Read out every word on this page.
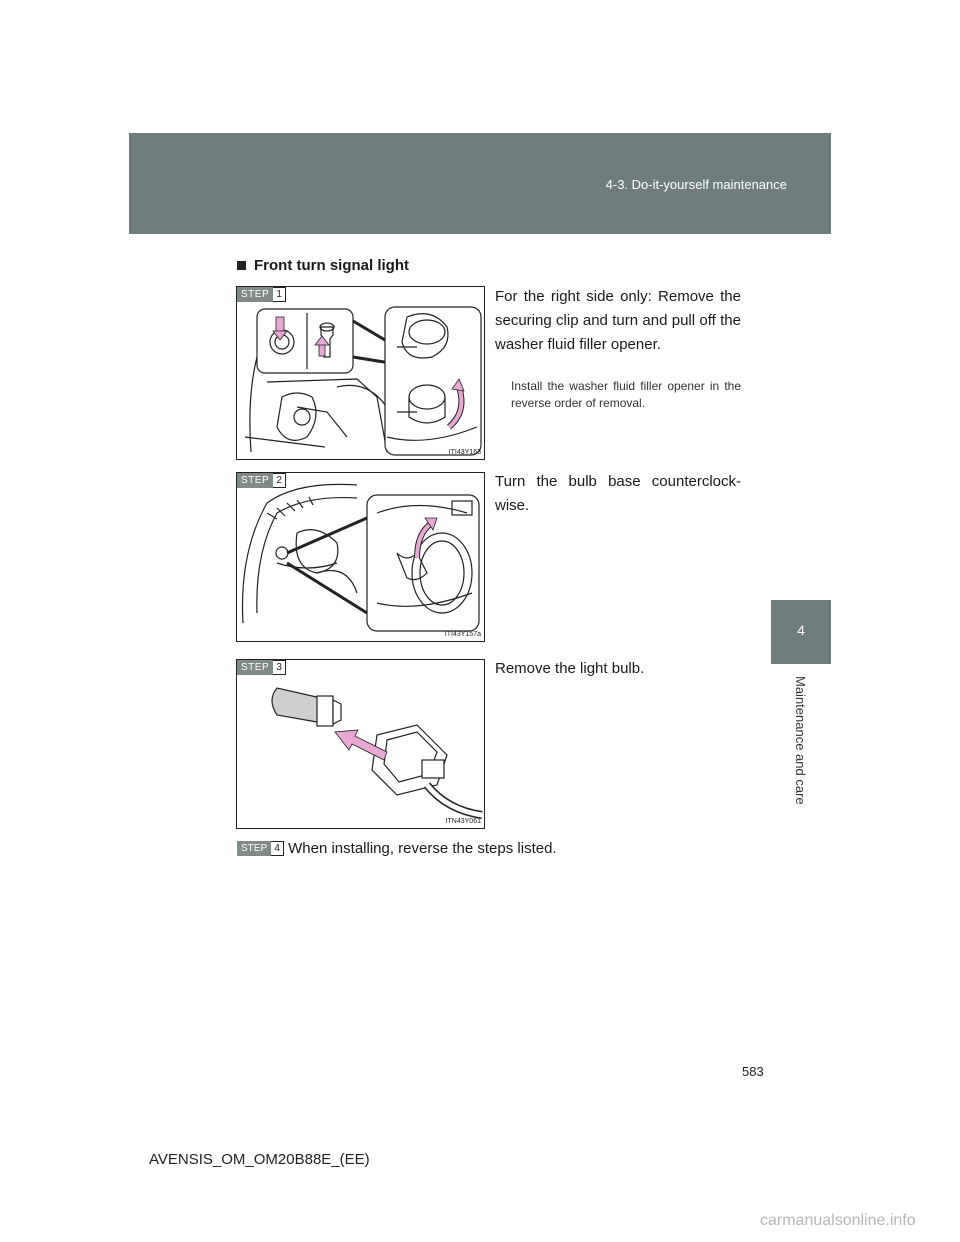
4-3. Do-it-yourself maintenance
4
Maintenance and care
Front turn signal light
STEP 1
ITI43Y163
For the right side only: Remove the securing clip and turn and pull off the washer fluid filler opener.
Install the washer fluid filler opener in the reverse order of removal.
STEP 2
ITI43Y157a
Turn the bulb base counterclock-wise.
STEP 3
ITN43Y061
Remove the light bulb.
STEP 4 When installing, reverse the steps listed.
583
AVENSIS_OM_OM20B88E_(EE)
carmanualsonline.info
